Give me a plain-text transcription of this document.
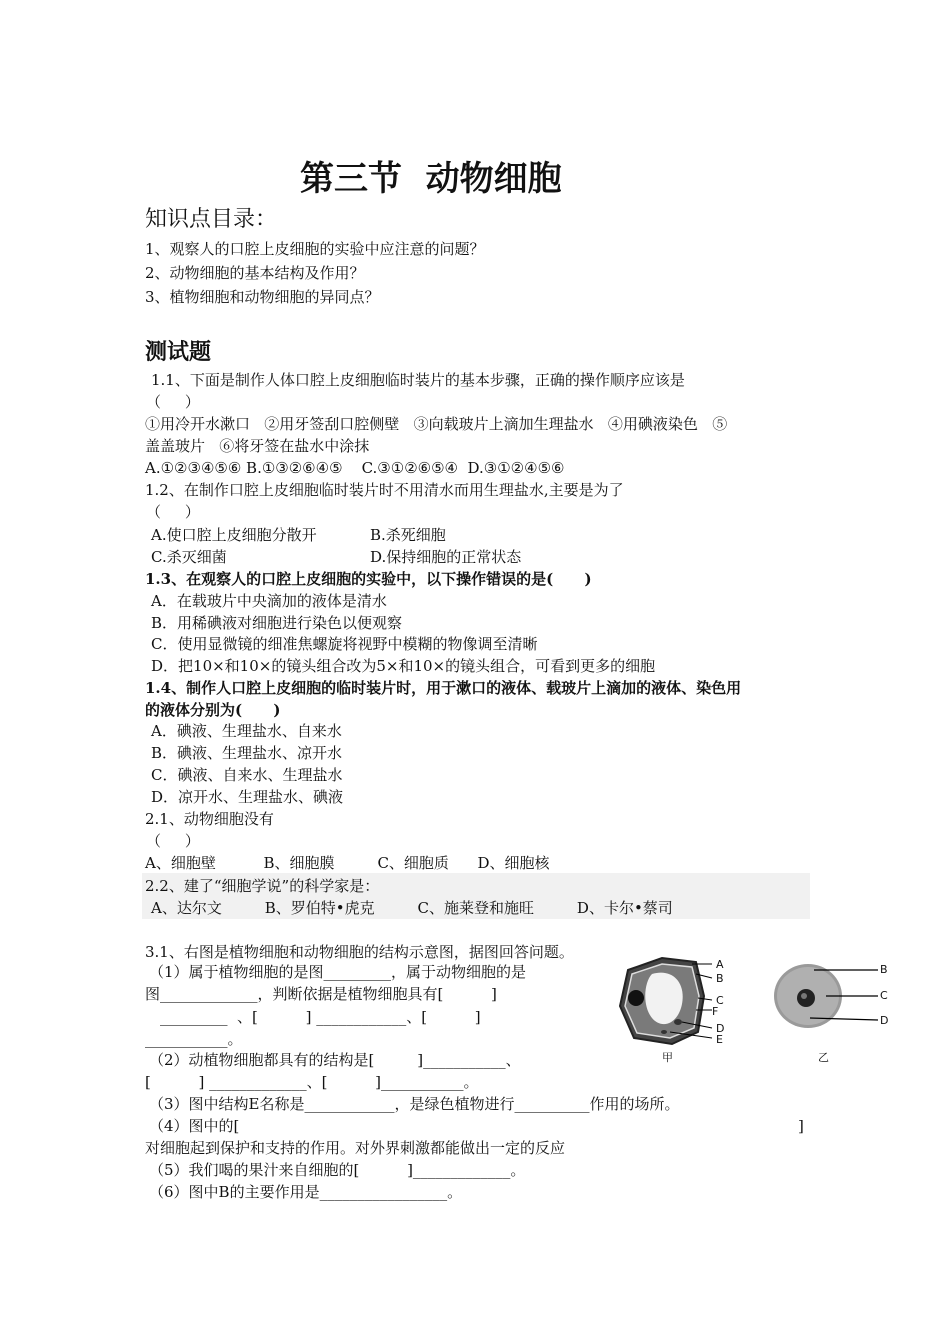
第三节  动物细胞
知识点目录：
1、观察人的口腔上皮细胞的实验中应注意的问题？
2、动物细胞的基本结构及作用？
3、植物细胞和动物细胞的异同点？
测试题
1.1、下面是制作人体口腔上皮细胞临时装片的基本步骤，正确的操作顺序应该是
（     ）
①用冷开水漱口   ②用牙签刮口腔侧壁   ③向载玻片上滴加生理盐水   ④用碘液染色   ⑤
盖盖玻片   ⑥将牙签在盐水中涂抹
A.①②③④⑤⑥ B.①③②⑥④⑤    C.③①②⑥⑤④  D.③①②④⑤⑥
1.2、在制作口腔上皮细胞临时装片时不用清水而用生理盐水,主要是为了
（     ）
A.使口腔上皮细胞分散开	B.杀死细胞
C.杀灭细菌	D.保持细胞的正常状态
1.3、在观察人的口腔上皮细胞的实验中，以下操作错误的是(      )
A．在载玻片中央滴加的液体是清水
B．用稀碘液对细胞进行染色以便观察
C．使用显微镜的细准焦螺旋将视野中模糊的物像调至清晰
D．把10×和10×的镜头组合改为5×和10×的镜头组合，可看到更多的细胞
1.4、制作人口腔上皮细胞的临时装片时，用于漱口的液体、载玻片上滴加的液体、染色用
的液体分别为(      )
A．碘液、生理盐水、自来水
B．碘液、生理盐水、凉开水
C．碘液、自来水、生理盐水
D．凉开水、生理盐水、碘液
2.1、动物细胞没有
（     ）
A、细胞壁          B、细胞膜         C、细胞质      D、细胞核
2.2、建了“细胞学说”的科学家是：
A、达尔文         B、罗伯特•虎克         C、施莱登和施旺         D、卡尔•蔡司
3.1、右图是植物细胞和动物细胞的结构示意图，据图回答问题。
（1）属于植物细胞的是图_________，属于动物细胞的是
图_____________，判断依据是植物细胞具有[          ]
_________  、[          ] ____________、[          ]
___________。
（2）动植物细胞都具有的结构是[         ]___________、
[          ] _____________、[          ]___________。
（3）图中结构E名称是____________，是绿色植物进行__________作用的场所。
（4）图中的[	]
对细胞起到保护和支持的作用。对外界刺激都能做出一定的反应
（5）我们喝的果汁来自细胞的[          ]_____________。
（6）图中B的主要作用是_________________。
A
B
C
F
D
E
甲
B
C
D
乙
